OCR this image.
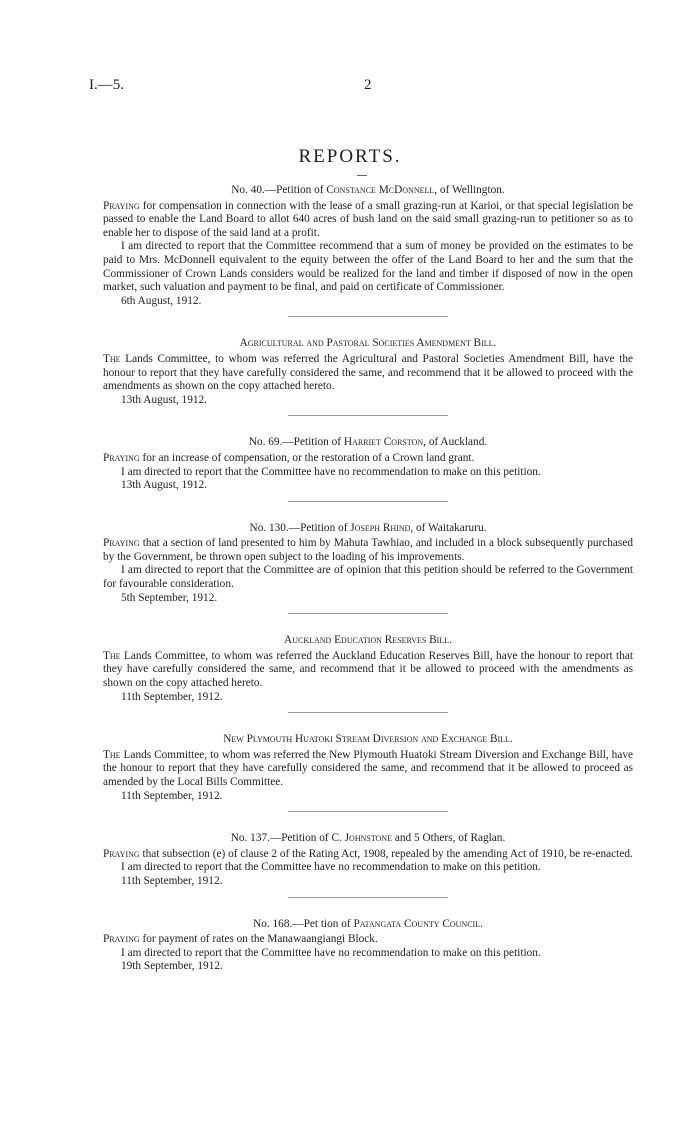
I.—5.	2
REPORTS.

No. 40.—Petition of Constance McDonnell, of Wellington.

Praying for compensation in connection with the lease of a small grazing-run at Karioi, or that special legislation be passed to enable the Land Board to allot 640 acres of bush land on the said small grazing-run to petitioner so as to enable her to dispose of the said land at a profit.

I am directed to report that the Committee recommend that a sum of money be provided on the estimates to be paid to Mrs. McDonnell equivalent to the equity between the offer of the Land Board to her and the sum that the Commissioner of Crown Lands considers would be realized for the land and timber if disposed of now in the open market, such valuation and payment to be final, and paid on certificate of Commissioner.

6th August, 1912.

Agricultural and Pastoral Societies Amendment Bill.

The Lands Committee, to whom was referred the Agricultural and Pastoral Societies Amendment Bill, have the honour to report that they have carefully considered the same, and recommend that it be allowed to proceed with the amendments as shown on the copy attached hereto.

13th August, 1912.

No. 69.—Petition of Harriet Corston, of Auckland.

Praying for an increase of compensation, or the restoration of a Crown land grant.

I am directed to report that the Committee have no recommendation to make on this petition.

13th August, 1912.

No. 130.—Petition of Joseph Rhind, of Waitakaruru.

Praying that a section of land presented to him by Mahuta Tawhiao, and included in a block subsequently purchased by the Government, be thrown open subject to the loading of his improvements.

I am directed to report that the Committee are of opinion that this petition should be referred to the Government for favourable consideration.

5th September, 1912.

Auckland Education Reserves Bill.

The Lands Committee, to whom was referred the Auckland Education Reserves Bill, have the honour to report that they have carefully considered the same, and recommend that it be allowed to proceed with the amendments as shown on the copy attached hereto.

11th September, 1912.

New Plymouth Huatoki Stream Diversion and Exchange Bill.

The Lands Committee, to whom was referred the New Plymouth Huatoki Stream Diversion and Exchange Bill, have the honour to report that they have carefully considered the same, and recommend that it be allowed to proceed as amended by the Local Bills Committee.

11th September, 1912.

No. 137.—Petition of C. Johnstone and 5 Others, of Raglan.

Praying that subsection (e) of clause 2 of the Rating Act, 1908, repealed by the amending Act of 1910, be re-enacted.

I am directed to report that the Committee have no recommendation to make on this petition.

11th September, 1912.

No. 168.—Pet tion of Patangata County Council.

Praying for payment of rates on the Manawaangiangi Block.

I am directed to report that the Committee have no recommendation to make on this petition.

19th September, 1912.
